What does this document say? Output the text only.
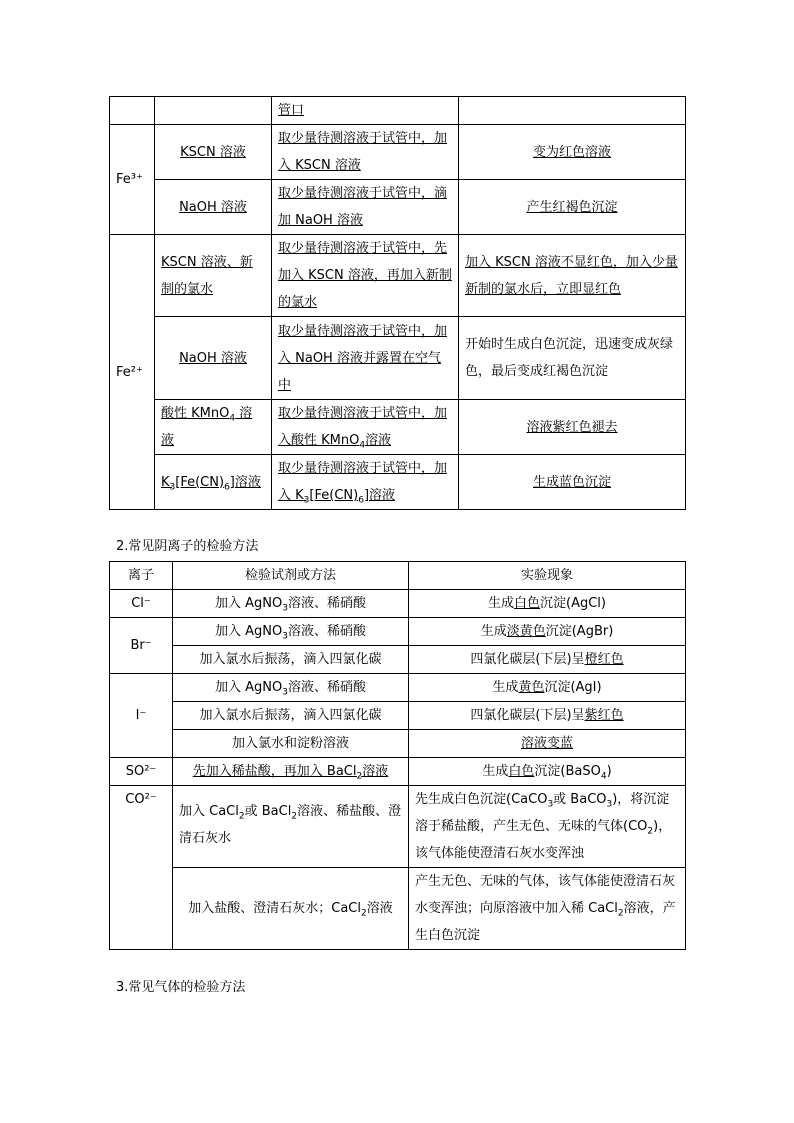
		管口	
Fe³⁺	KSCN 溶液	取少量待测溶液于试管中，加入 KSCN 溶液	变为红色溶液
	NaOH 溶液	取少量待测溶液于试管中，滴加 NaOH 溶液	产生红褐色沉淀
Fe²⁺	KSCN 溶液、新制的氯水	取少量待测溶液于试管中，先加入 KSCN 溶液，再加入新制的氯水	加入 KSCN 溶液不显红色，加入少量新制的氯水后，立即显红色
	NaOH 溶液	取少量待测溶液于试管中，加入 NaOH 溶液并露置在空气中	开始时生成白色沉淀，迅速变成灰绿色，最后变成红褐色沉淀
	酸性 KMnO$_4$ 溶液	取少量待测溶液于试管中，加入酸性 KMnO$_4$溶液	溶液紫红色褪去
	$K_3[Fe(CN)_6]$溶液	取少量待测溶液于试管中，加入 $K_3[Fe(CN)_6]$溶液	生成蓝色沉淀
2.常见阴离子的检验方法
离子	检验试剂或方法	实验现象
Cl⁻	加入 AgNO$_3$溶液、稀硝酸	生成白色沉淀(AgCl)
Br⁻	加入 AgNO$_3$溶液、稀硝酸	生成淡黄色沉淀(AgBr)
	加入氯水后振荡，滴入四氯化碳	四氯化碳层(下层)呈橙红色
I⁻	加入 AgNO$_3$溶液、稀硝酸	生成黄色沉淀(AgI)
	加入氯水后振荡，滴入四氯化碳	四氯化碳层(下层)呈紫红色
	加入氯水和淀粉溶液	溶液变蓝
SO²⁻	先加入稀盐酸，再加入 BaCl$_2$溶液	生成白色沉淀(BaSO$_4$)
CO²⁻	加入 CaCl$_2$或 BaCl$_2$溶液、稀盐酸、澄清石灰水	先生成白色沉淀(CaCO$_3$或 BaCO$_3$)，将沉淀溶于稀盐酸，产生无色、无味的气体$(CO_2)$，该气体能使澄清石灰水变浑浊
	加入盐酸、澄清石灰水；CaCl$_2$溶液	产生无色、无味的气体，该气体能使澄清石灰水变浑浊；向原溶液中加入稀 CaCl$_2$溶液，产生白色沉淀
3.常见气体的检验方法
